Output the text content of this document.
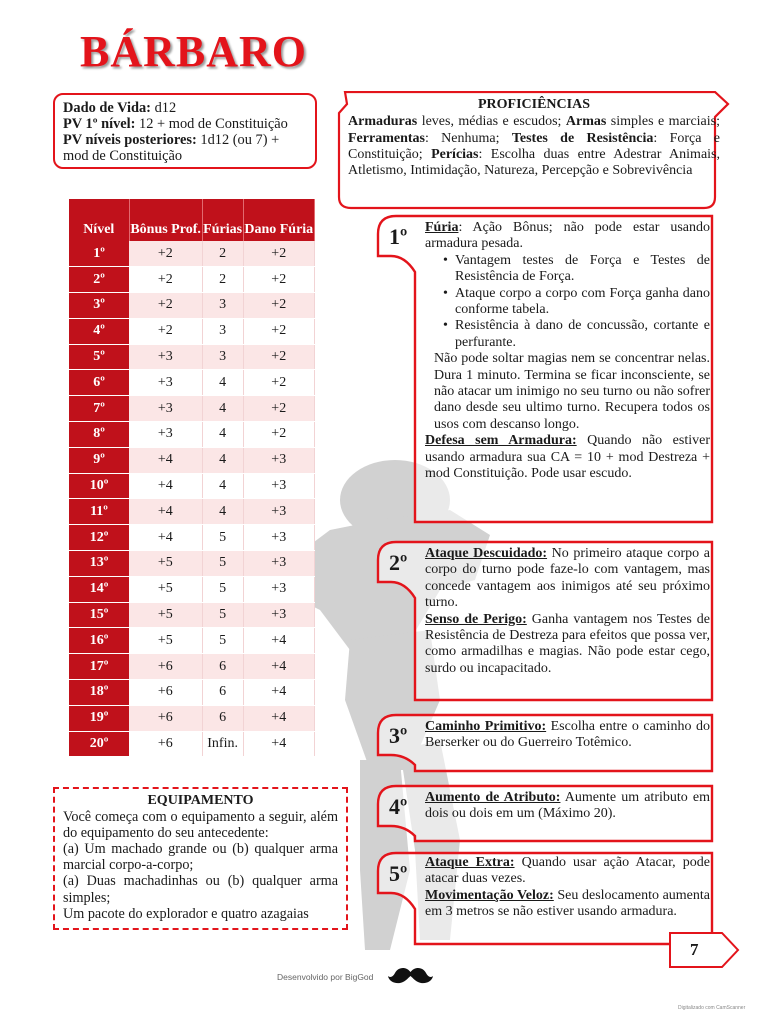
BÁRBARO
Dado de Vida: d12
PV 1º nível: 12 + mod de Constituição
PV níveis posteriores: 1d12 (ou 7) + mod de Constituição
PROFICIÊNCIAS
Armaduras leves, médias e escudos; Armas simples e marciais; Ferramentas: Nenhuma; Testes de Resistência: Força e Constituição; Perícias: Escolha duas entre Adestrar Animais, Atletismo, Intimidação, Natureza, Percepção e Sobrevivência
Nível	Bônus Prof.	Fúrias	Dano Fúria
1º	+2	2	+2
2º	+2	2	+2
3º	+2	3	+2
4º	+2	3	+2
5º	+3	3	+2
6º	+3	4	+2
7º	+3	4	+2
8º	+3	4	+2
9º	+4	4	+3
10º	+4	4	+3
11º	+4	4	+3
12º	+4	5	+3
13º	+5	5	+3
14º	+5	5	+3
15º	+5	5	+3
16º	+5	5	+4
17º	+6	6	+4
18º	+6	6	+4
19º	+6	6	+4
20º	+6	Infin.	+4
EQUIPAMENTO
Você começa com o equipamento a seguir, além do equipamento do seu antecedente:
(a) Um machado grande ou (b) qualquer arma marcial corpo-a-corpo;
(a) Duas machadinhas ou (b) qualquer arma simples;
Um pacote do explorador e quatro azagaias
1º Fúria: Ação Bônus; não pode estar usando armadura pesada.
• Vantagem testes de Força e Testes de Resistência de Força.
• Ataque corpo a corpo com Força ganha dano conforme tabela.
• Resistência à dano de concussão, cortante e perfurante.
Não pode soltar magias nem se concentrar nelas. Dura 1 minuto. Termina se ficar inconsciente, se não atacar um inimigo no seu turno ou não sofrer dano desde seu ultimo turno. Recupera todos os usos com descanso longo.
Defesa sem Armadura: Quando não estiver usando armadura sua CA = 10 + mod Destreza + mod Constituição. Pode usar escudo.
2º Ataque Descuidado: No primeiro ataque corpo a corpo do turno pode faze-lo com vantagem, mas concede vantagem aos inimigos até seu próximo turno.
Senso de Perigo: Ganha vantagem nos Testes de Resistência de Destreza para efeitos que possa ver, como armadilhas e magias. Não pode estar cego, surdo ou incapacitado.
3º Caminho Primitivo: Escolha entre o caminho do Berserker ou do Guerreiro Totêmico.
4º Aumento de Atributo: Aumente um atributo em dois ou dois em um (Máximo 20).
5º Ataque Extra: Quando usar ação Atacar, pode atacar duas vezes.
Movimentação Veloz: Seu deslocamento aumenta em 3 metros se não estiver usando armadura.
7
Desenvolvido por BigGod
Digitalizado com CamScanner
